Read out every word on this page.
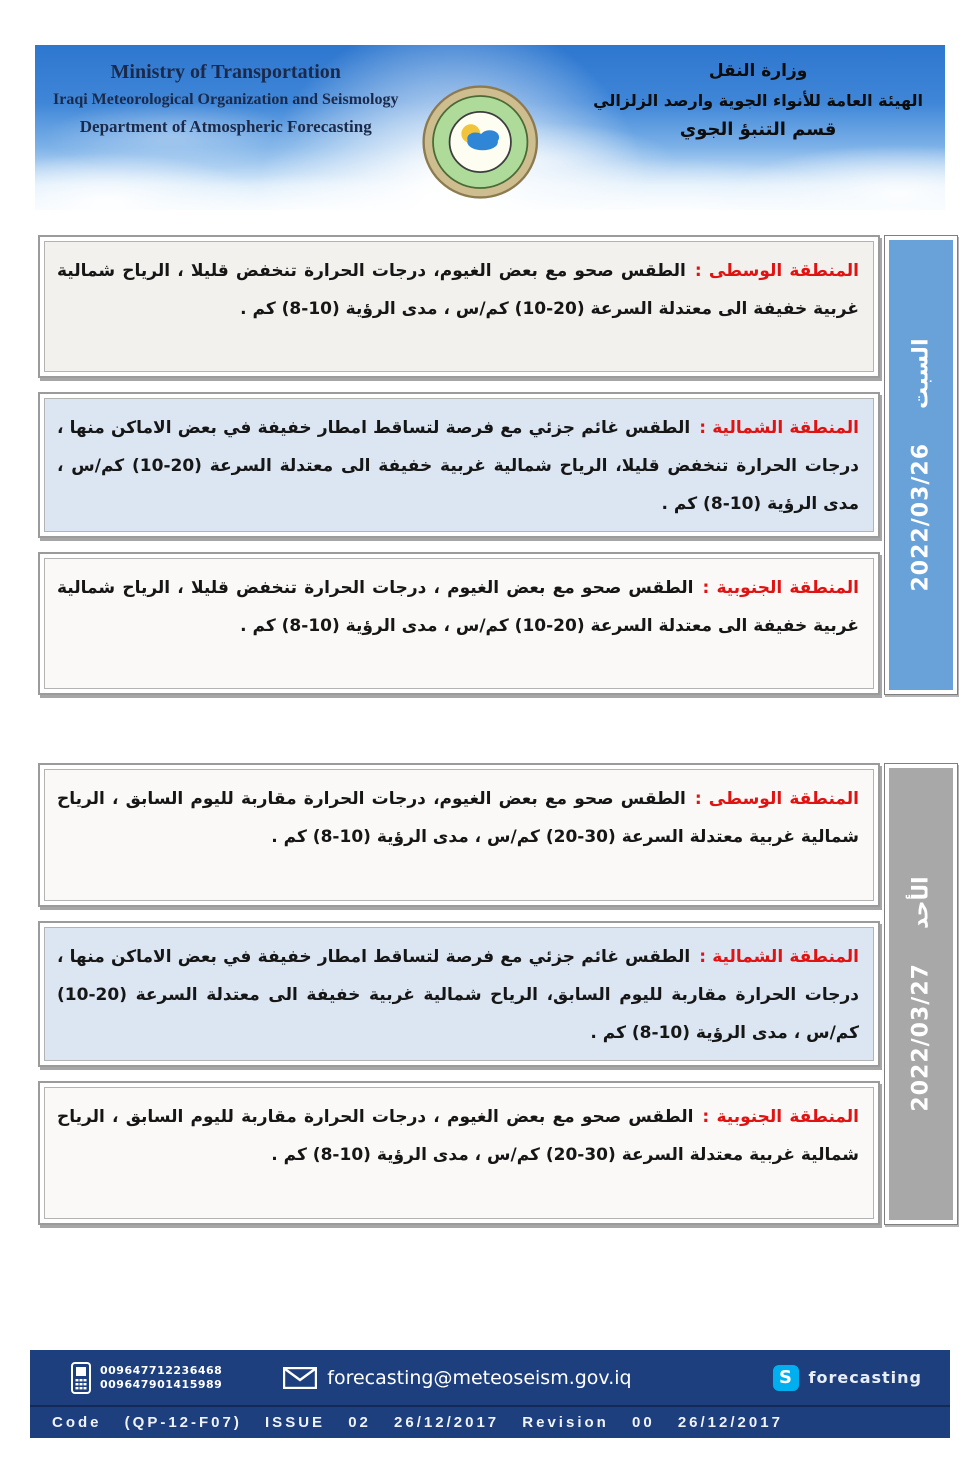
Ministry of Transportation
Iraqi Meteorological Organization and Seismology
Department of Atmospheric Forecasting
وزارة النقل
الهيئة العامة للأنواء الجوية وارصد الزلزالي
قسم التنبؤ الجوي
المنطقة الوسطى :الطقس صحو مع بعض الغيوم، درجات الحرارة تنخفض قليلا ، الرياح شمالية غربية خفيفة الى معتدلة السرعة (20-10) كم/س ، مدى الرؤية (10-8) كم .
المنطقة الشمالية :الطقس غائم جزئي مع فرصة لتساقط امطار خفيفة في بعض الاماكن منها ، درجات الحرارة تنخفض قليلا، الرياح شمالية غربية خفيفة الى معتدلة السرعة (20-10) كم/س ، مدى الرؤية (10-8) كم .
المنطقة الجنوبية :الطقس صحو مع بعض الغيوم ، درجات الحرارة تنخفض قليلا ، الرياح شمالية غربية خفيفة الى معتدلة السرعة (20-10) كم/س ، مدى الرؤية (10-8) كم .
السبت
2022/03/26
المنطقة الوسطى :الطقس صحو مع بعض الغيوم، درجات الحرارة مقاربة لليوم السابق ، الرياح شمالية غربية معتدلة السرعة (30-20) كم/س ، مدى الرؤية (10-8) كم .
المنطقة الشمالية :الطقس غائم جزئي مع فرصة لتساقط امطار خفيفة في بعض الاماكن منها ، درجات الحرارة مقاربة لليوم السابق، الرياح شمالية غربية خفيفة الى معتدلة السرعة (20-10) كم/س ، مدى الرؤية (10-8) كم .
المنطقة الجنوبية :الطقس صحو مع بعض الغيوم ، درجات الحرارة مقاربة لليوم السابق ، الرياح شمالية غربية معتدلة السرعة (30-20) كم/س ، مدى الرؤية (10-8) كم .
الأحد
2022/03/27
009647712236468
009647901415989	forecasting@meteoseism.gov.iq	S	forecasting
Code (QP-12-F07) ISSUE 02 26/12/2017 Revision 00 26/12/2017
